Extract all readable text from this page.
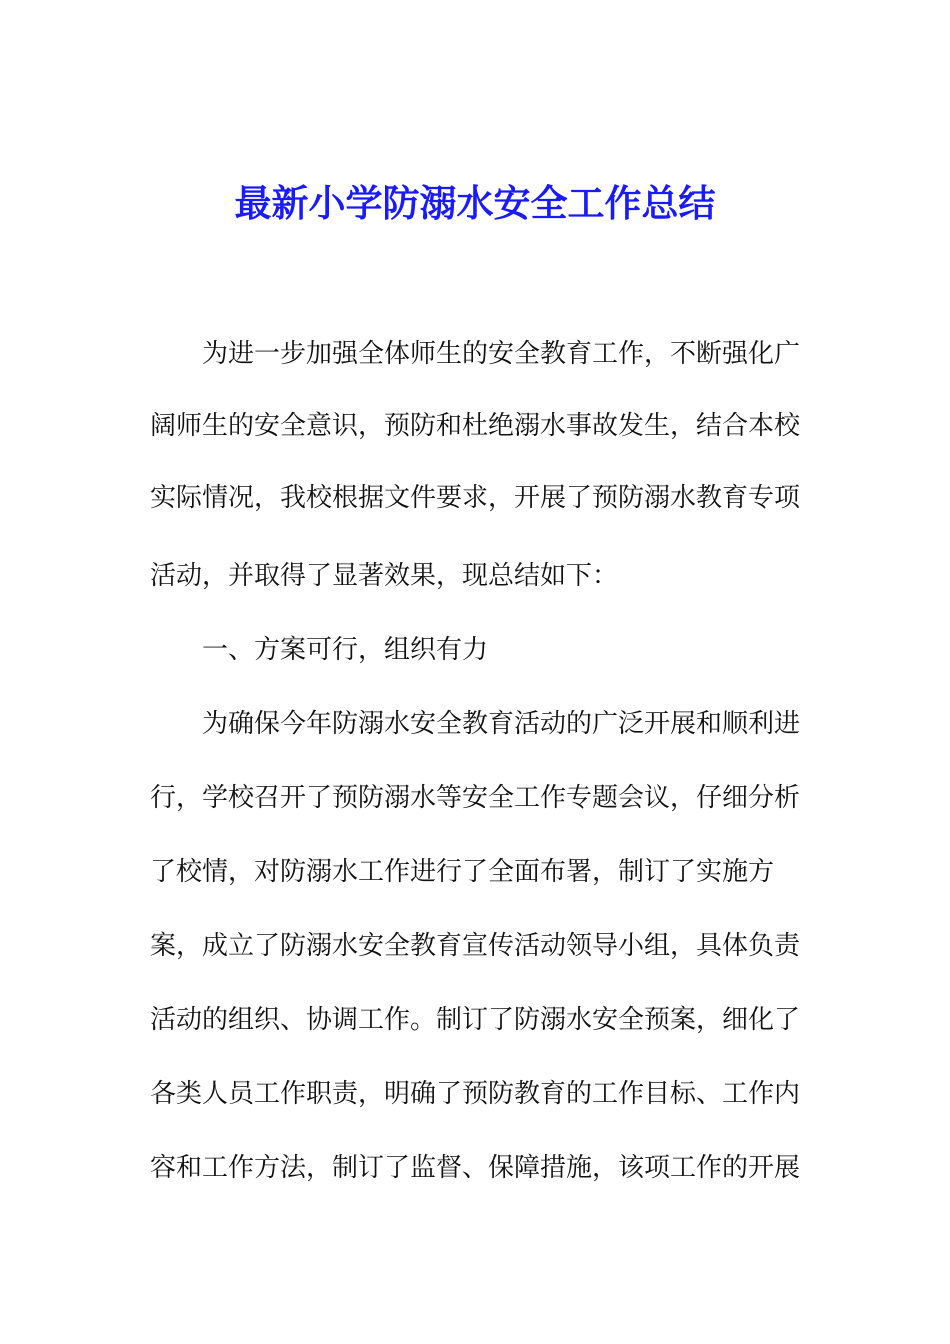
最新小学防溺水安全工作总结
为进一步加强全体师生的安全教育工作，不断强化广
阔师生的安全意识，预防和杜绝溺水事故发生，结合本校
实际情况，我校根据文件要求，开展了预防溺水教育专项
活动，并取得了显著效果，现总结如下：
一、方案可行，组织有力
为确保今年防溺水安全教育活动的广泛开展和顺利进
行，学校召开了预防溺水等安全工作专题会议，仔细分析
了校情，对防溺水工作进行了全面布署，制订了实施方
案，成立了防溺水安全教育宣传活动领导小组，具体负责
活动的组织、协调工作。制订了防溺水安全预案，细化了
各类人员工作职责，明确了预防教育的工作目标、工作内
容和工作方法，制订了监督、保障措施，该项工作的开展
